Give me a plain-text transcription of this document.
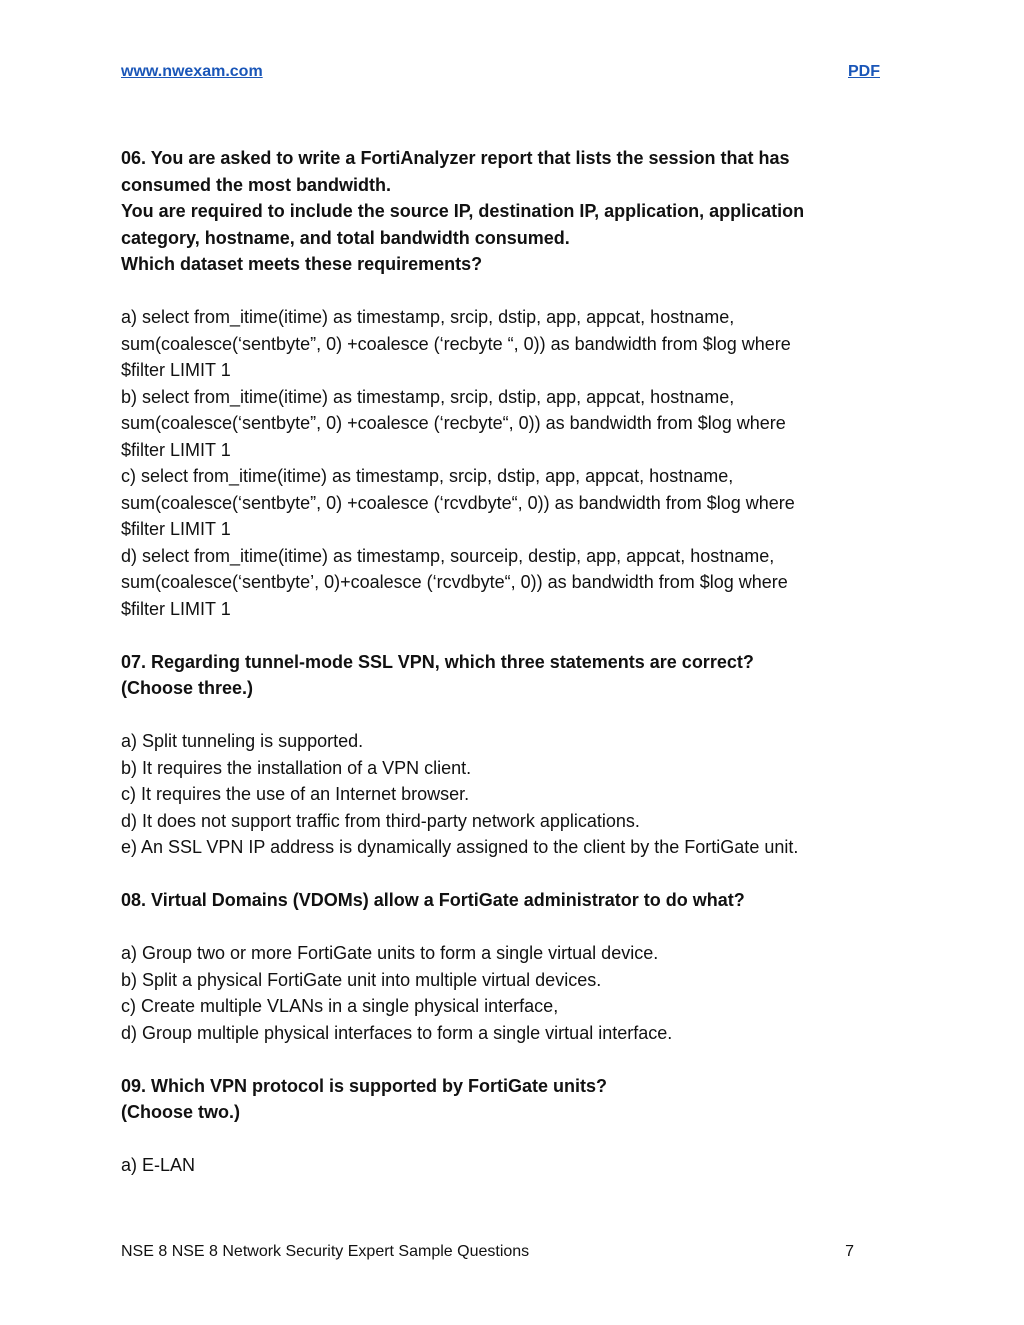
www.nwexam.com	PDF

06. You are asked to write a FortiAnalyzer report that lists the session that has
consumed the most bandwidth.
You are required to include the source IP, destination IP, application, application
category, hostname, and total bandwidth consumed.
Which dataset meets these requirements?

a) select from_itime(itime) as timestamp, srcip, dstip, app, appcat, hostname,
sum(coalesce(‘sentbyte”, 0) +coalesce (‘recbyte “, 0)) as bandwidth from $log where
$filter LIMIT 1
b) select from_itime(itime) as timestamp, srcip, dstip, app, appcat, hostname,
sum(coalesce(‘sentbyte”, 0) +coalesce (‘recbyte“, 0)) as bandwidth from $log where
$filter LIMIT 1
c) select from_itime(itime) as timestamp, srcip, dstip, app, appcat, hostname,
sum(coalesce(‘sentbyte”, 0) +coalesce (‘rcvdbyte“, 0)) as bandwidth from $log where
$filter LIMIT 1
d) select from_itime(itime) as timestamp, sourceip, destip, app, appcat, hostname,
sum(coalesce(‘sentbyte’, 0)+coalesce (‘rcvdbyte“, 0)) as bandwidth from $log where
$filter LIMIT 1

07. Regarding tunnel-mode SSL VPN, which three statements are correct?
(Choose three.)

a) Split tunneling is supported.
b) It requires the installation of a VPN client.
c) It requires the use of an Internet browser.
d) It does not support traffic from third-party network applications.
e) An SSL VPN IP address is dynamically assigned to the client by the FortiGate unit.

08. Virtual Domains (VDOMs) allow a FortiGate administrator to do what?

a) Group two or more FortiGate units to form a single virtual device.
b) Split a physical FortiGate unit into multiple virtual devices.
c) Create multiple VLANs in a single physical interface,
d) Group multiple physical interfaces to form a single virtual interface.

09. Which VPN protocol is supported by FortiGate units?
(Choose two.)

a) E-LAN
NSE 8 NSE 8 Network Security Expert Sample Questions	7
